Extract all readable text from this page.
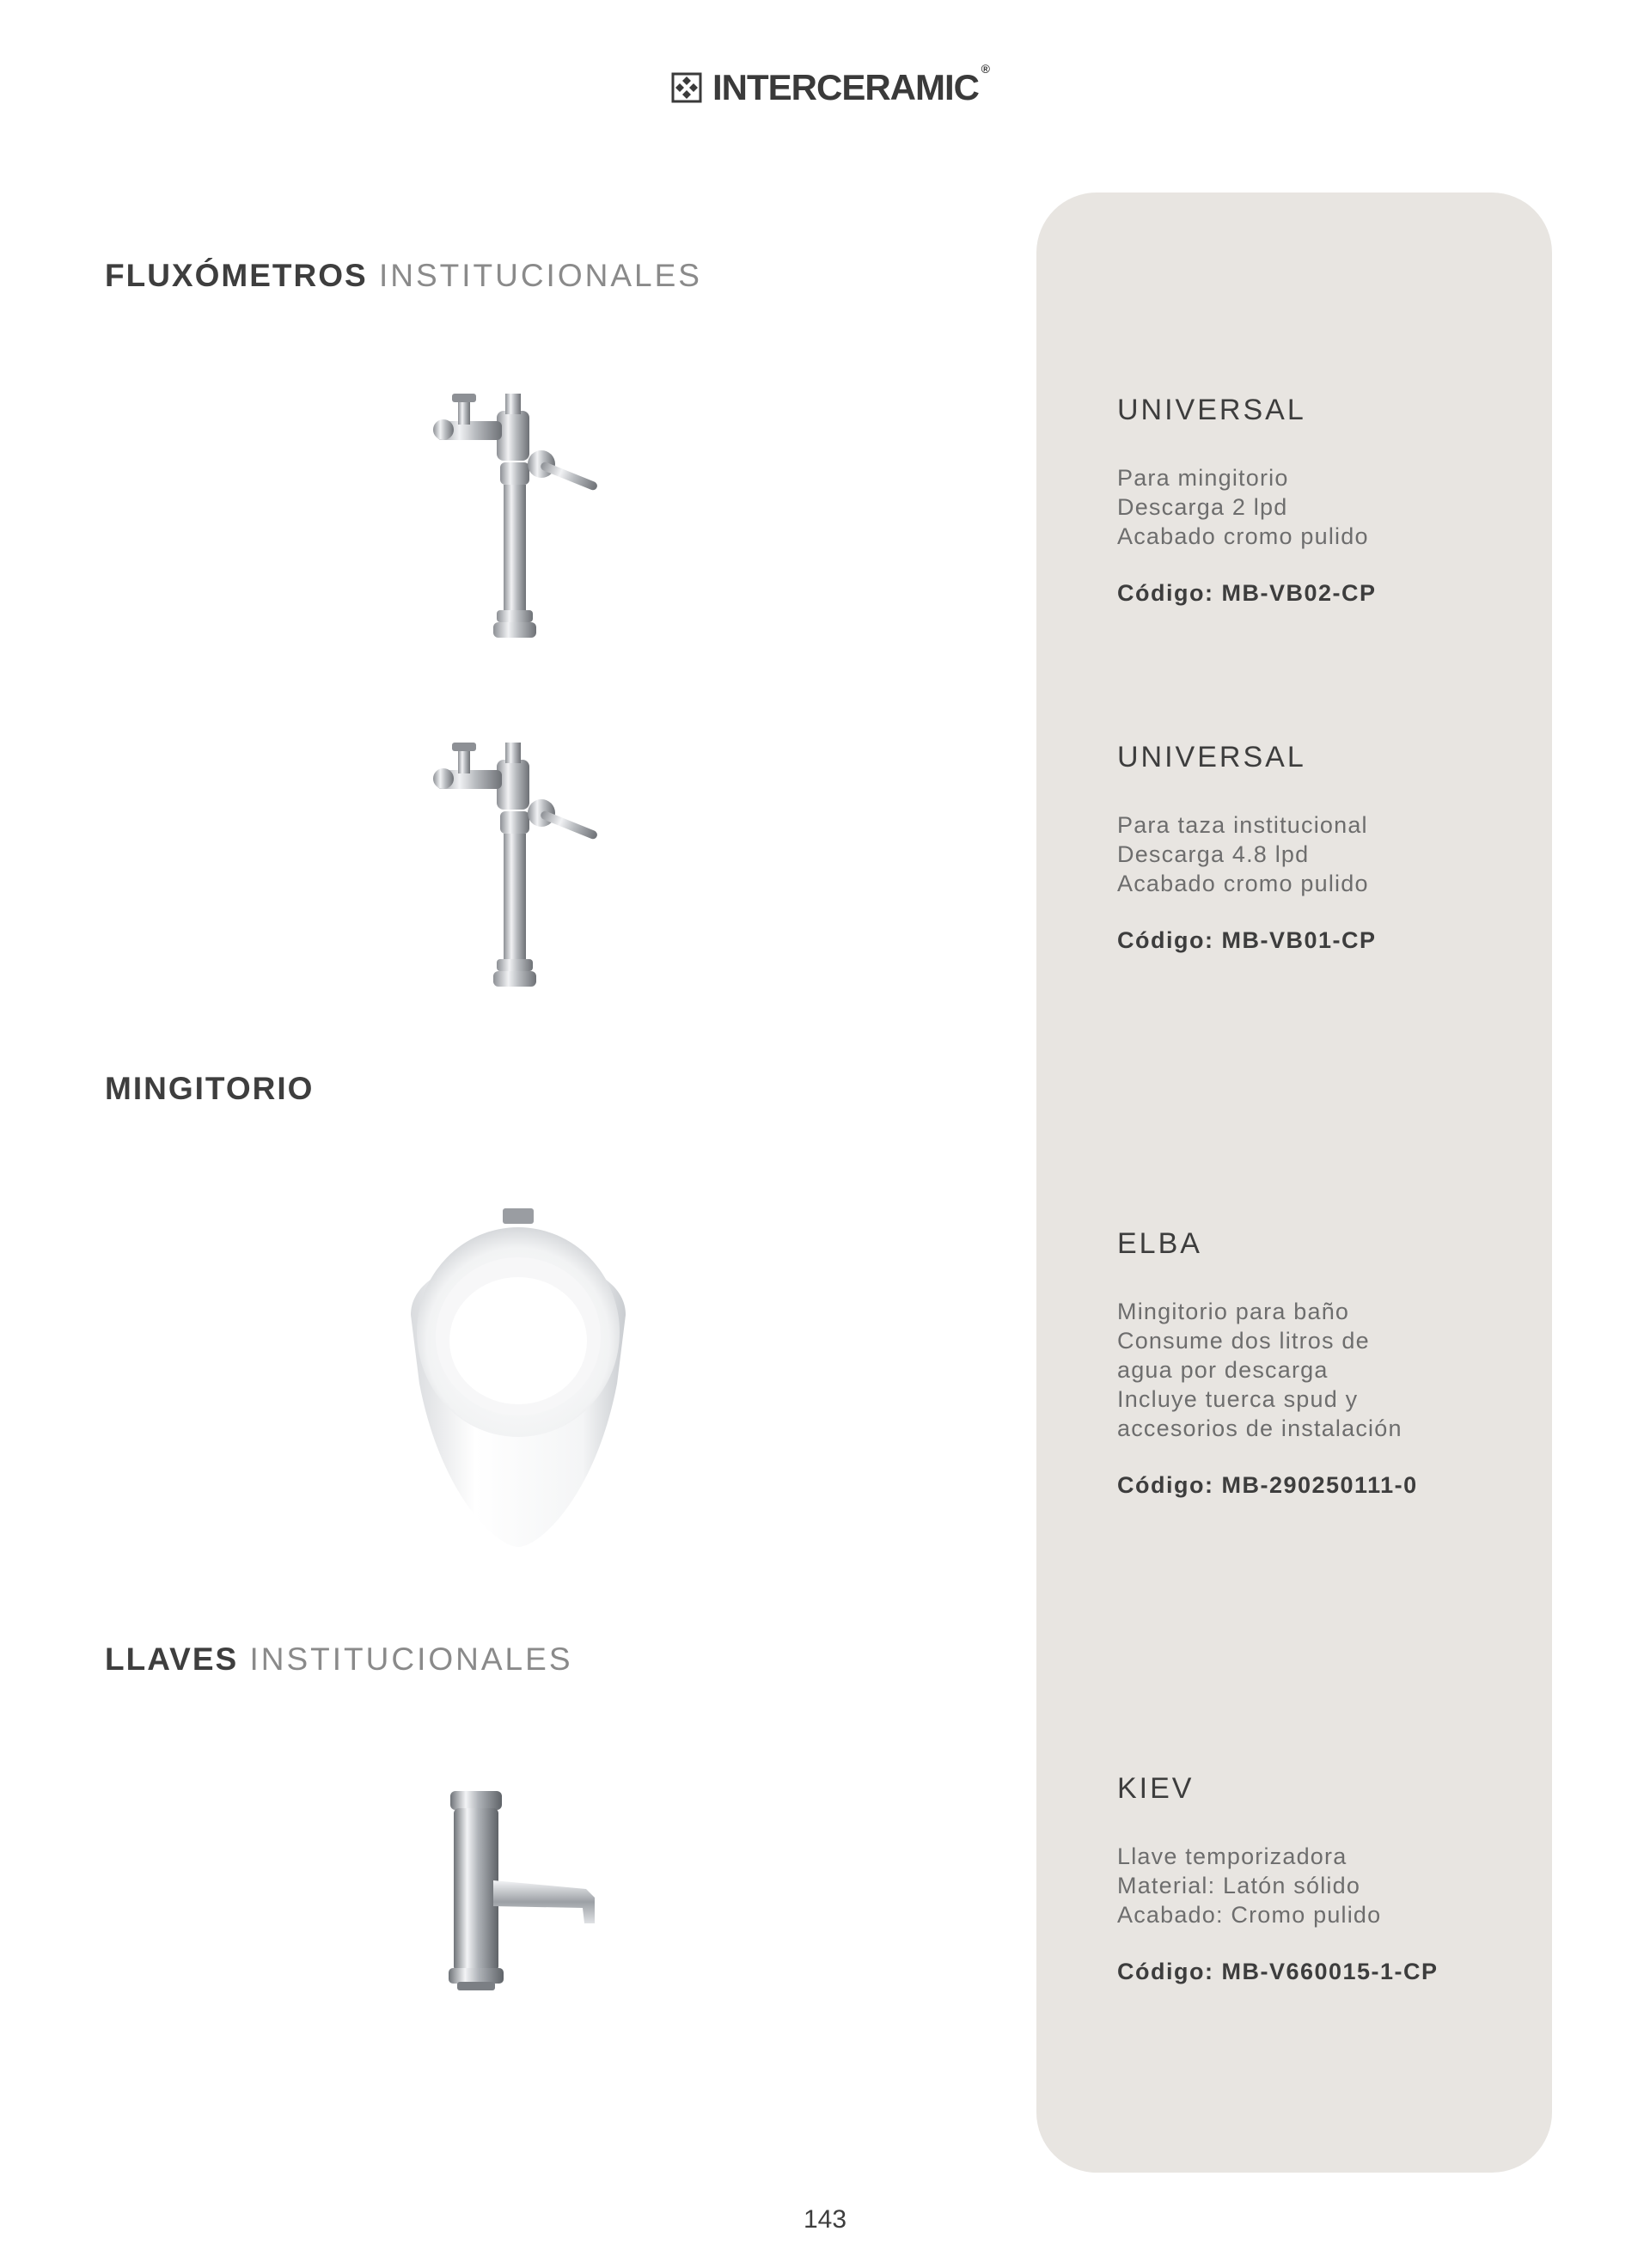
INTERCERAMIC ®
FLUXÓMETROS INSTITUCIONALES
MINGITORIO
LLAVES INSTITUCIONALES
UNIVERSAL

Para mingitorio

Descarga 2 lpd

Acabado cromo pulido

Código: MB-VB02-CP
UNIVERSAL

Para taza institucional

Descarga 4.8 lpd

Acabado cromo pulido

Código: MB-VB01-CP
ELBA

Mingitorio para baño

Consume dos litros de

agua por descarga

Incluye tuerca spud y

accesorios de instalación

Código: MB-290250111-0
KIEV

Llave temporizadora

Material: Latón sólido

Acabado: Cromo pulido

Código: MB-V660015-1-CP
143
